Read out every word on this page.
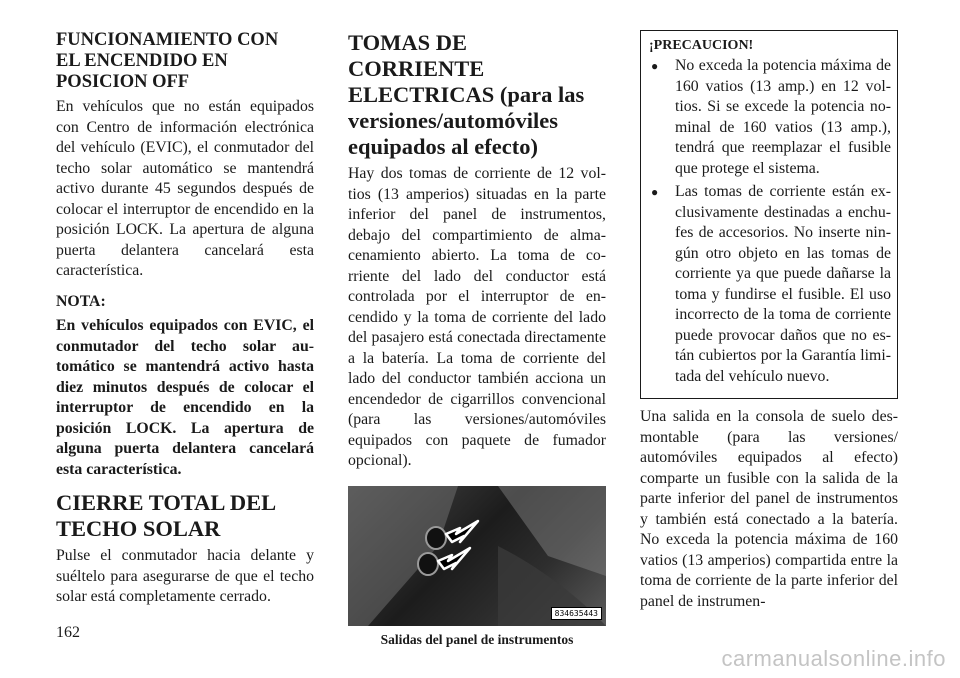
FUNCIONAMIENTO CON
EL ENCENDIDO EN
POSICION OFF

En vehículos que no están equipados con Centro de información electrónica del vehículo (EVIC), el conmutador del techo solar automático se mantendrá activo durante 45 segundos después de colocar el interruptor de encendido en la posición LOCK. La apertura de alguna puerta delantera cancelará esta característica.

NOTA:

En vehículos equipados con EVIC, el conmutador del techo solar automático se mantendrá activo hasta diez minutos después de colocar el interruptor de encendido en la posición LOCK. La apertura de alguna puerta delantera cancelará esta característica.

CIERRE TOTAL DEL
TECHO SOLAR

Pulse el conmutador hacia delante y suéltelo para asegurarse de que el techo solar está completamente cerrado.

TOMAS DE CORRIENTE ELECTRICAS (para las versiones/automóviles equipados al efecto)

Hay dos tomas de corriente de 12 voltios (13 amperios) situadas en la parte inferior del panel de instrumentos, debajo del compartimiento de almacenamiento abierto. La toma de corriente del lado del conductor está controlada por el interruptor de encendido y la toma de corriente del lado del pasajero está conectada directamente a la batería. La toma de corriente del lado del conductor también acciona un encendedor de cigarrillos convencional (para las versiones/automóviles equipados con paquete de fumador opcional).

834635443

Salidas del panel de instrumentos

¡PRECAUCION!

● No exceda la potencia máxima de 160 vatios (13 amp.) en 12 voltios. Si se excede la potencia nominal de 160 vatios (13 amp.), tendrá que reemplazar el fusible que protege el sistema.
● Las tomas de corriente están exclusivamente destinadas a enchufes de accesorios. No inserte ningún otro objeto en las tomas de corriente ya que puede dañarse la toma y fundirse el fusible. El uso incorrecto de la toma de corriente puede provocar daños que no están cubiertos por la Garantía limitada del vehículo nuevo.

Una salida en la consola de suelo desmontable (para las versiones/ automóviles equipados al efecto) comparte un fusible con la salida de la parte inferior del panel de instrumentos y también está conectado a la batería. No exceda la potencia máxima de 160 vatios (13 amperios) compartida entre la toma de corriente de la parte inferior del panel de instrumen-

162

carmanualsonline.info
